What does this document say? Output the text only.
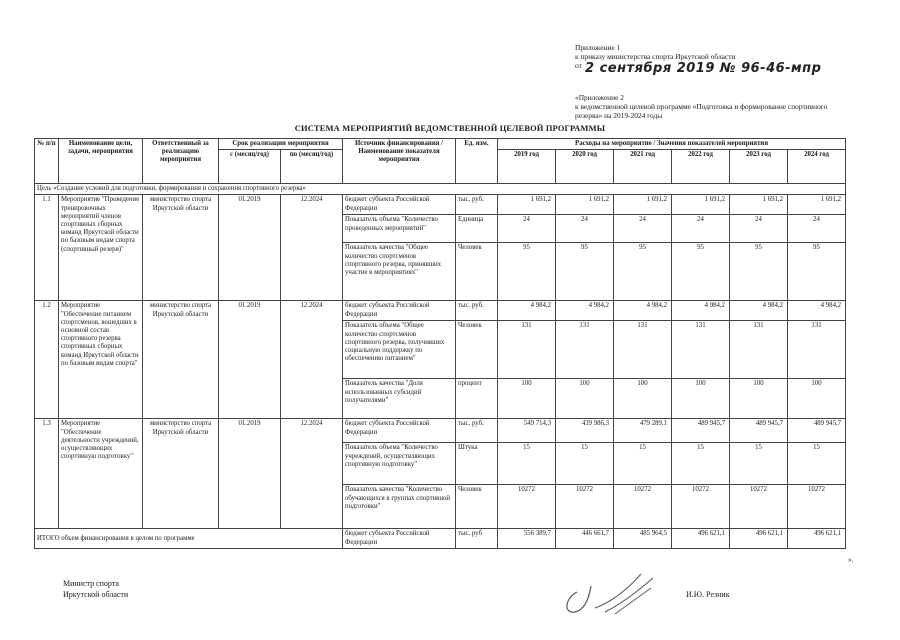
Приложение 1
к приказу министерства спорта Иркутской области
от 2 сентября 2019 № 96-46-мпр
«Приложение 2
к ведомственной целевой программе «Подготовка и формирование спортивного
резерва» на 2019-2024 годы
СИСТЕМА МЕРОПРИЯТИЙ ВЕДОМСТВЕННОЙ ЦЕЛЕВОЙ ПРОГРАММЫ
№ п/п	Наименование цели, задачи, мероприятия	Ответственный за реализацию мероприятия	Срок реализации мероприятия		Источник финансирования / Наименование показателя мероприятия	Ед. изм.	Расходы на мероприятие / Значения показателей мероприятия					
			с (месяц/год)	по (месяц/год)			2019 год	2020 год	2021 год	2022 год	2023 год	2024 год
Цель «Создание условий для подготовки, формирования и сохранения спортивного резерва»												
1.1	Мероприятие "Проведение тренировочных мероприятий членов спортивных сборных команд Иркутской области по базовым видам спорта (спортивный резерв)"	министерство спорта Иркутской области	01.2019	12.2024	бюджет субъекта Российской Федерации	тыс. руб.	1 691,2	1 691,2	1 691,2	1 691,2	1 691,2	1 691,2
					Показатель объема "Количество проведенных мероприятий"	Единица	24	24	24	24	24	24
					Показатель качества "Общее количество спортсменов спортивного резерва, принявших участие в мероприятиях"	Человек	95	95	95	95	95	95
1.2	Мероприятие "Обеспечение питанием спортсменов, вошедших в основной состав спортивного резерва спортивных сборных команд Иркутской области по базовым видам спорта"	министерство спорта Иркутской области	01.2019	12.2024	бюджет субъекта Российской Федерации	тыс. руб.	4 984,2	4 984,2	4 984,2	4 984,2	4 984,2	4 984,2
					Показатель объема "Общее количество спортсменов спортивного резерва, получивших социальную поддержку по обеспечению питанием"	Человек	131	131	131	131	131	131
					Показатель качества "Доля использованных субсидий получателями"	процент	100	100	100	100	100	100
1.3	Мероприятие "Обеспечение деятельности учреждений, осуществляющих спортивную подготовку"	министерство спорта Иркутской области	01.2019	12.2024	бюджет субъекта Российской Федерации	тыс. руб.	549 714,3	439 986,3	479 289,1	489 945,7	489 945,7	489 945,7
					Показатель объема "Количество учреждений, осуществляющих спортивную подготовку"	Штука	15	15	15	15	15	15
					Показатель качества "Количество обучающихся в группах спортивной подготовки"	Человек	10272	10272	10272	10272	10272	10272
ИТОГО объем финансирования в целом по программе					бюджет субъекта Российской Федерации	тыс. руб	556 389,7	446 661,7	485 964,5	496 621,1	496 621,1	496 621,1
».
Министр спорта
Иркутской области	И.Ю. Резник
